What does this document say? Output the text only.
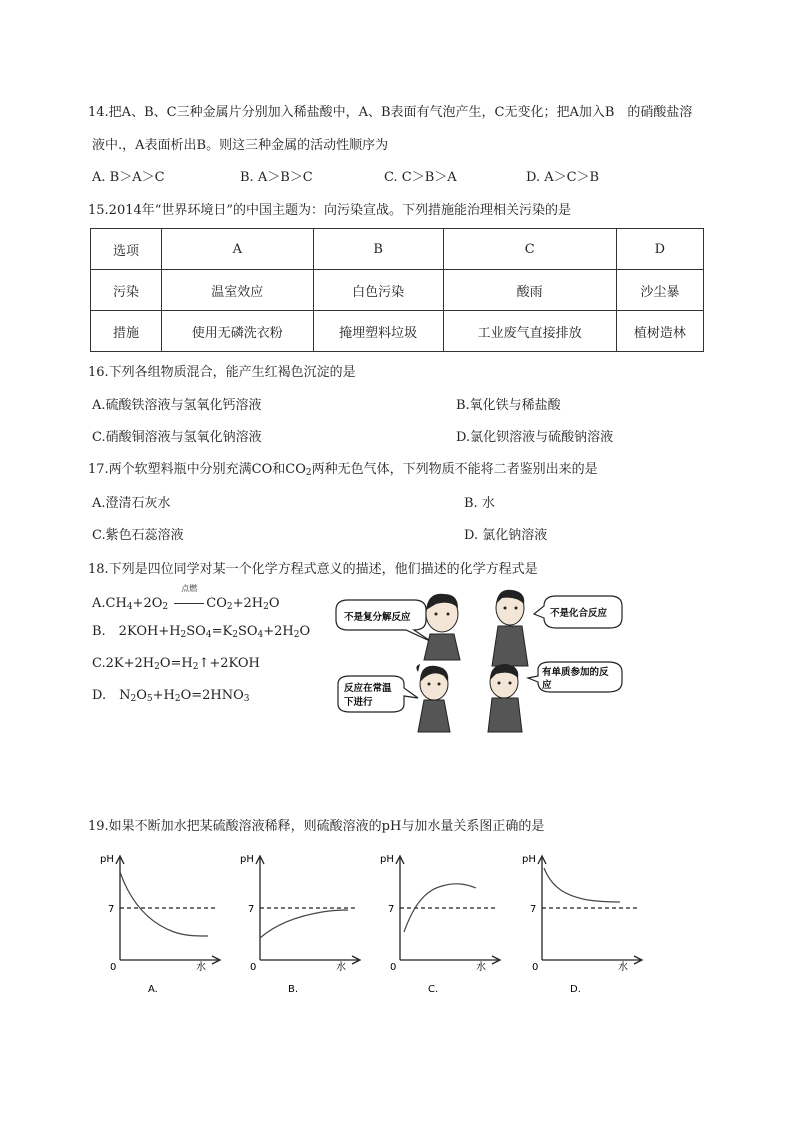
14.把A、B、C三种金属片分别加入稀盐酸中，A、B表面有气泡产生，C无变化；把A加入B　的硝酸盐溶
液中.，A表面析出B。则这三种金属的活动性顺序为
A. B＞A＞C	B. A＞B＞C	C. C＞B＞A	D. A＞C＞B
15.2014年“世界环境日”的中国主题为：向污染宣战。下列措施能治理相关污染的是
选项	A	B	C	D
污染	温室效应	白色污染	酸雨	沙尘暴
措施	使用无磷洗衣粉	掩埋塑料垃圾	工业废气直接排放	植树造林
16.下列各组物质混合，能产生红褐色沉淀的是
A.硫酸铁溶液与氢氧化钙溶液	B.氧化铁与稀盐酸
C.硝酸铜溶液与氢氧化钠溶液	D.氯化钡溶液与硫酸钠溶液
17.两个软塑料瓶中分别充满CO和$CO_2$两种无色气体，下列物质不能将二者鉴别出来的是
A.澄清石灰水	B. 水
C.紫色石蕊溶液	D. 氯化钠溶液
18.下列是四位同学对某一个化学方程式意义的描述，他们描述的化学方程式是
$A.CH_4+2O_2$
点燃
$CO_2+2H_2O$
B.　$2KOH+H_2SO_4=K_2SO_4+2H_2O$
$C.2K+2H_2O=H_2↑+2KOH$
D.　$N_2O_5+H_2O=2HNO_3$
不是复分解反应	不是化合反应
反应在常温
下进行
有单质参加的反
应
19.如果不断加水把某硫酸溶液稀释，则硫酸溶液的pH与加水量关系图正确的是
pH
7
0	水
A.
pH
7
0	水
B.
pH
7
0	水
C.
pH
7
0	水
D.
